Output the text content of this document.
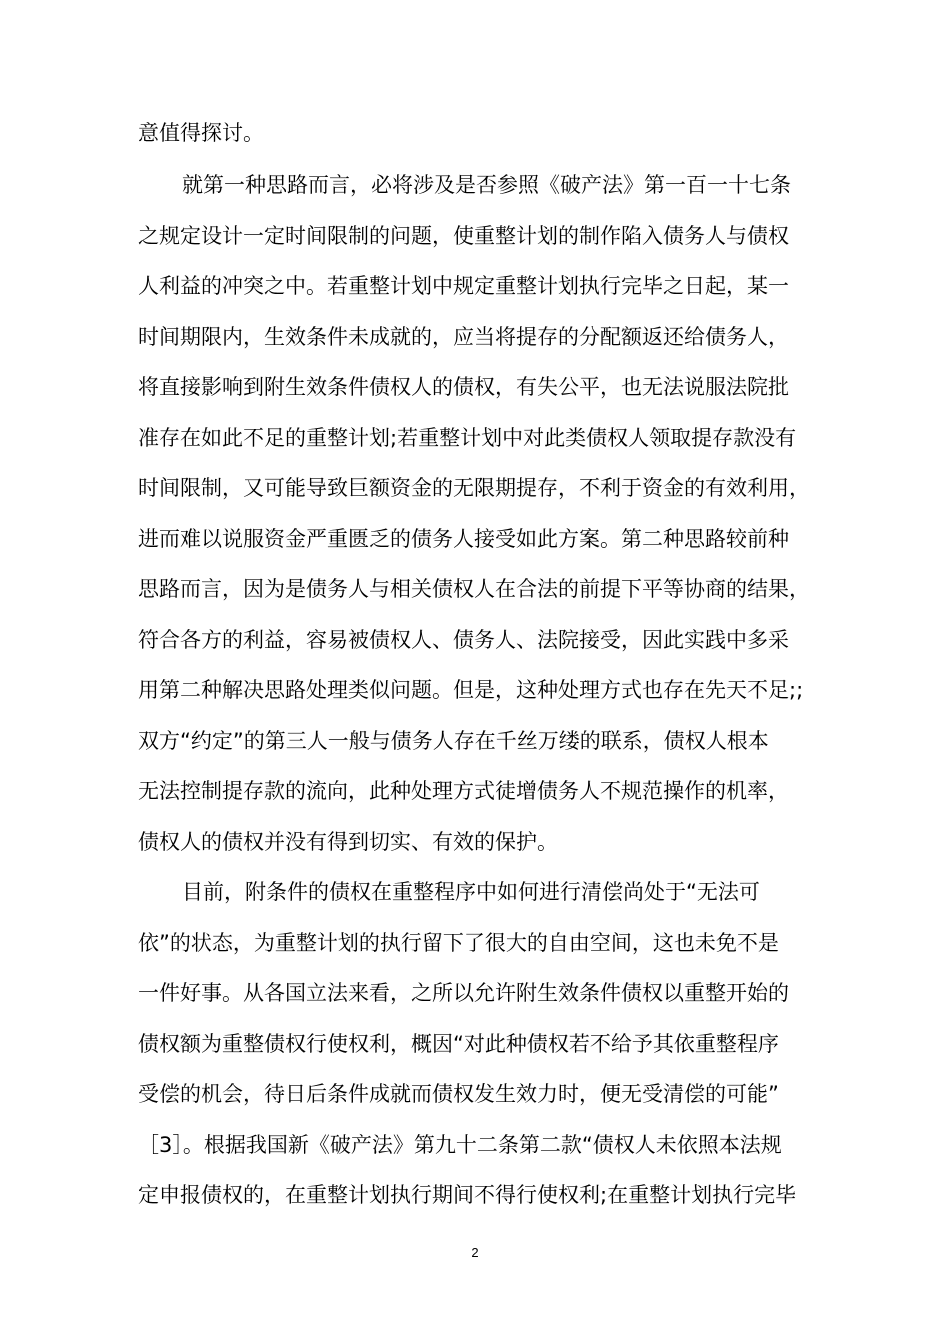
意值得探讨。
就第一种思路而言，必将涉及是否参照《破产法》第一百一十七条
之规定设计一定时间限制的问题，使重整计划的制作陷入债务人与债权
人利益的冲突之中。若重整计划中规定重整计划执行完毕之日起，某一
时间期限内，生效条件未成就的，应当将提存的分配额返还给债务人，
将直接影响到附生效条件债权人的债权，有失公平，也无法说服法院批
准存在如此不足的重整计划;若重整计划中对此类债权人领取提存款没有
时间限制，又可能导致巨额资金的无限期提存，不利于资金的有效利用，
进而难以说服资金严重匮乏的债务人接受如此方案。第二种思路较前种
思路而言，因为是债务人与相关债权人在合法的前提下平等协商的结果，
符合各方的利益，容易被债权人、债务人、法院接受，因此实践中多采
用第二种解决思路处理类似问题。但是，这种处理方式也存在先天不足;;
双方“约定”的第三人一般与债务人存在千丝万缕的联系，债权人根本
无法控制提存款的流向，此种处理方式徒增债务人不规范操作的机率，
债权人的债权并没有得到切实、有效的保护。
目前，附条件的债权在重整程序中如何进行清偿尚处于“无法可
依”的状态，为重整计划的执行留下了很大的自由空间，这也未免不是
一件好事。从各国立法来看，之所以允许附生效条件债权以重整开始的
债权额为重整债权行使权利，概因“对此种债权若不给予其依重整程序
受偿的机会，待日后条件成就而债权发生效力时，便无受清偿的可能”
［3］。根据我国新《破产法》第九十二条第二款“债权人未依照本法规
定申报债权的，在重整计划执行期间不得行使权利;在重整计划执行完毕
2
